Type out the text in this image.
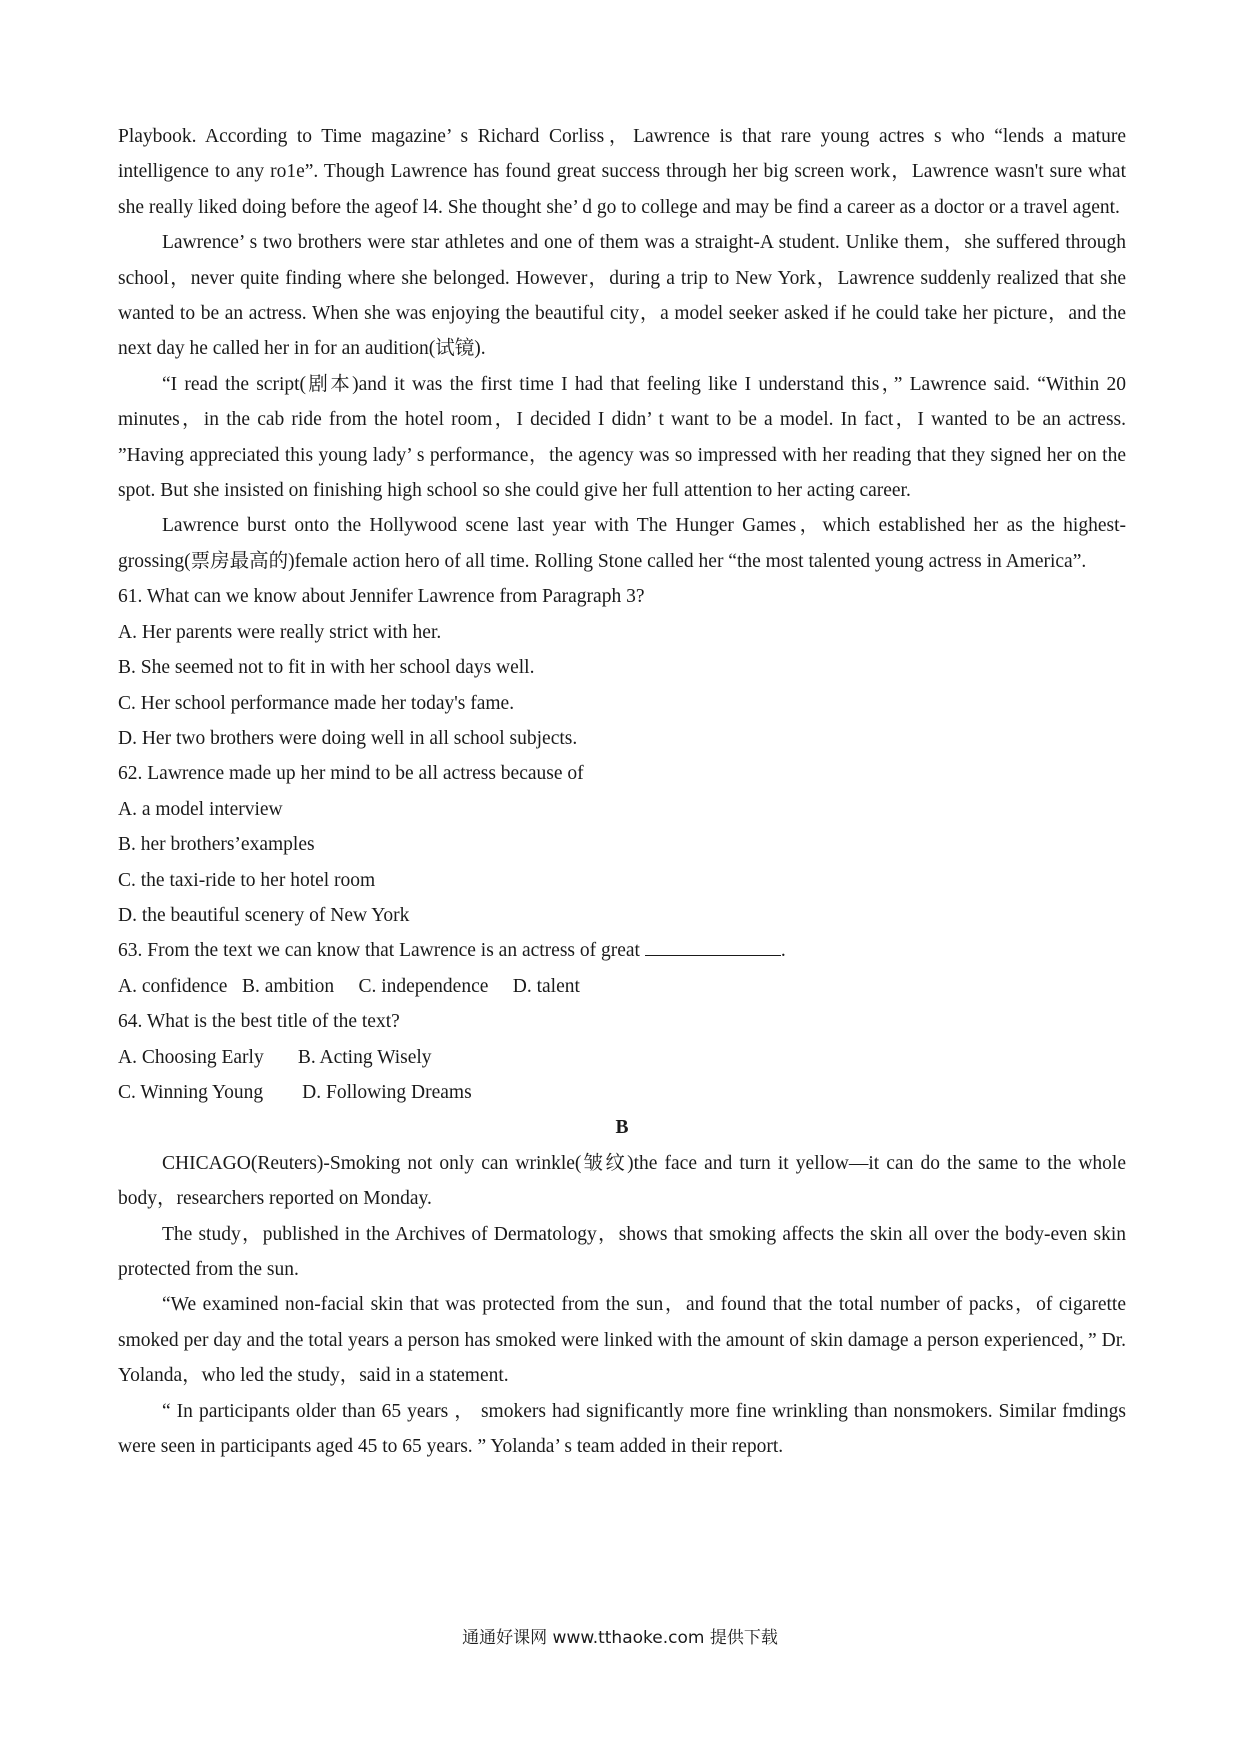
Playbook. According to Time magazine’ s Richard Corliss，Lawrence is that rare young actres s who “lends a mature intelligence to any ro1e”. Though Lawrence has found great success through her big screen work，Lawrence wasn't sure what she really liked doing before the ageof l4. She thought she’ d go to college and may be find a career as a doctor or a travel agent.

Lawrence’ s two brothers were star athletes and one of them was a straight-A student. Unlike them，she suffered through school，never quite finding where she belonged. However，during a trip to New York，Lawrence suddenly realized that she wanted to be an actress. When she was enjoying the beautiful city，a model seeker asked if he could take her picture，and the next day he called her in for an audition(试镜).

“I read the script(剧本)and it was the first time I had that feeling like I understand this，” Lawrence said. “Within 20 minutes，in the cab ride from the hotel room，I decided I didn’ t want to be a model. In fact，I wanted to be an actress. ”Having appreciated this young lady’ s performance，the agency was so impressed with her reading that they signed her on the spot. But she insisted on finishing high school so she could give her full attention to her acting career.

Lawrence burst onto the Hollywood scene last year with The Hunger Games，which established her as the highest-grossing(票房最高的)female action hero of all time. Rolling Stone called her “the most talented young actress in America”.

61. What can we know about Jennifer Lawrence from Paragraph 3?

A. Her parents were really strict with her.

B. She seemed not to fit in with her school days well.

C. Her school performance made her today's fame.

D. Her two brothers were doing well in all school subjects.

62. Lawrence made up her mind to be all actress because of

A. a model interview

B. her brothers’examples

C. the taxi-ride to her hotel room

D. the beautiful scenery of New York

63. From the text we can know that Lawrence is an actress of great	.

A. confidence   B. ambition     C. independence     D. talent

64. What is the best title of the text?

A. Choosing Early       B. Acting Wisely

C. Winning Young        D. Following Dreams

B

CHICAGO(Reuters)-Smoking not only can wrinkle(皱纹)the face and turn it yellow—it can do the same to the whole body，researchers reported on Monday.

The study，published in the Archives of Dermatology，shows that smoking affects the skin all over the body-even skin protected from the sun.

“We examined non-facial skin that was protected from the sun，and found that the total number of packs，of cigarette smoked per day and the total years a person has smoked were linked with the amount of skin damage a person experienced，” Dr. Yolanda，who led the study，said in a statement.

“ In participants older than 65 years ， smokers had significantly more fine wrinkling than nonsmokers. Similar fmdings were seen in participants aged 45 to 65 years. ” Yolanda’ s team added in their report.

通通好课网 www.tthaoke.com 提供下载
